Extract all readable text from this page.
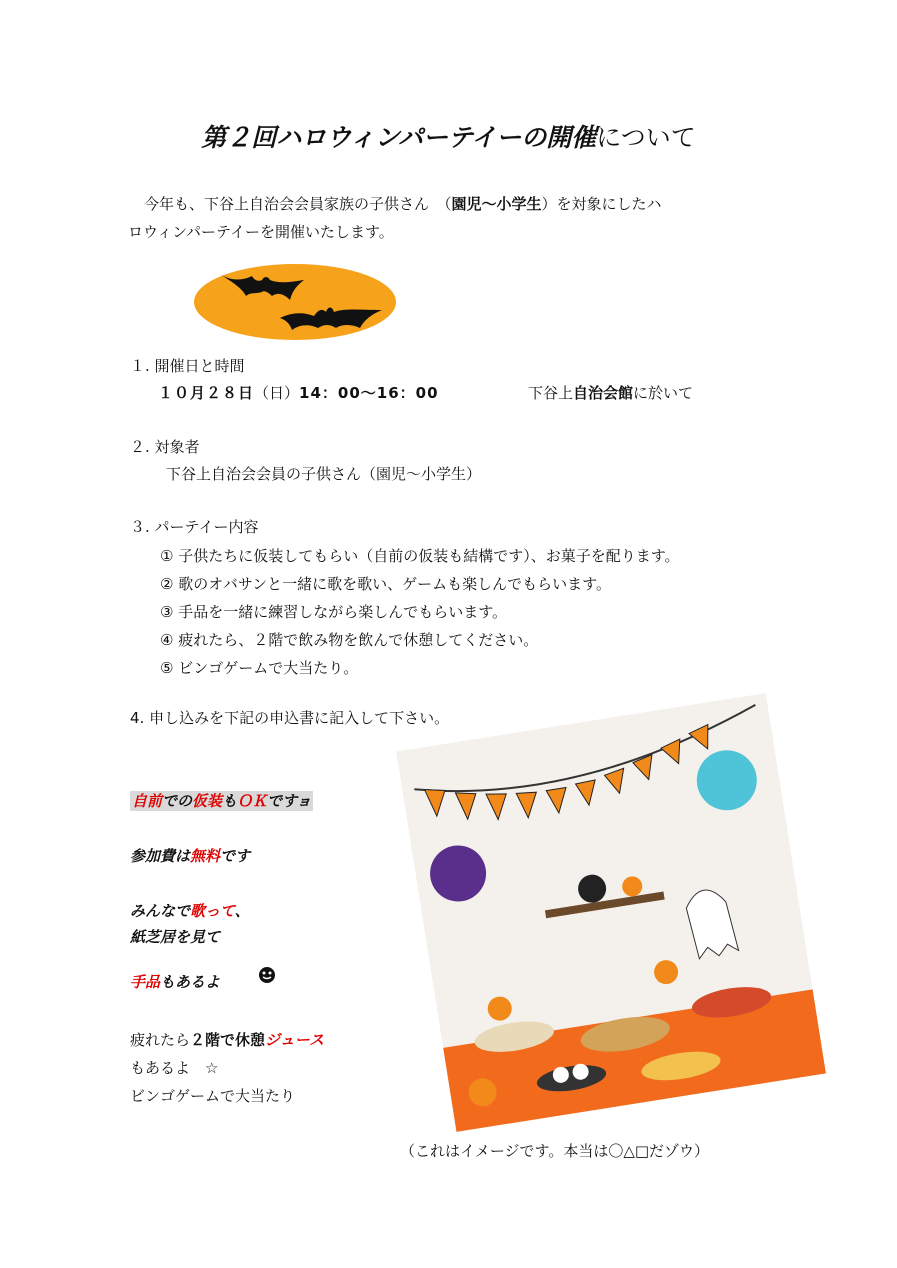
第２回ハロウィンパーテイーの開催について
今年も、下谷上自治会会員家族の子供さん　（園児〜小学生）を対象にしたハ
ロウィンパーテイーを開催いたします。
１. 開催日と時間
１０月２８日（日）14：00〜16：00	下谷上自治会館に於いて
２. 対象者
下谷上自治会会員の子供さん（園児〜小学生）
３. パーテイー内容
① 子供たちに仮装してもらい（自前の仮装も結構です）、お菓子を配ります。
② 歌のオバサンと一緒に歌を歌い、ゲームも楽しんでもらいます。
③ 手品を一緒に練習しながら楽しんでもらいます。
④ 疲れたら、２階で飲み物を飲んで休憩してください。
⑤ ビンゴゲームで大当たり。
4. 申し込みを下記の申込書に記入して下さい。
自前での仮装もＯＫですョ
参加費は無料です
みんなで歌って、
紙芝居を見て
手品もあるよ
疲れたら２階で休憩ジュース
もあるよ　☆
ビンゴゲームで大当たり
（これはイメージです。本当は〇△□だゾウ）
